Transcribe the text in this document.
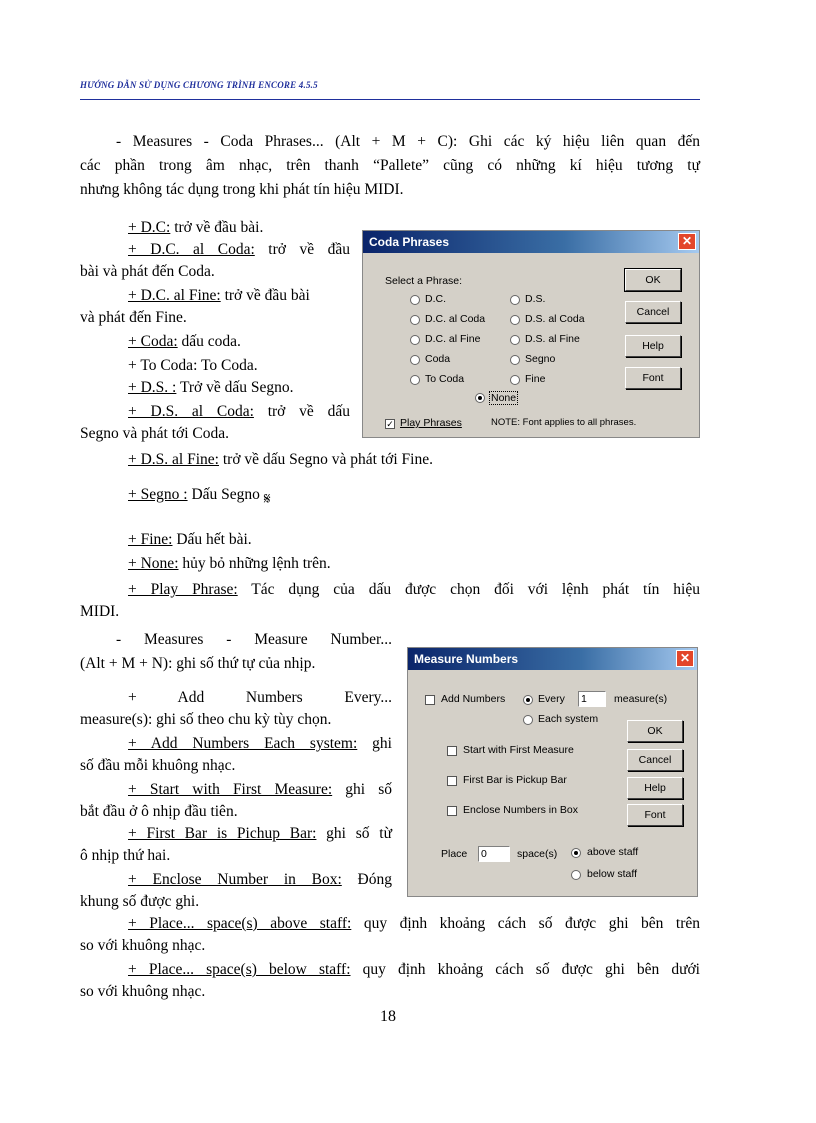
HƯỚNG DẪN SỬ DỤNG CHƯƠNG TRÌNH ENCORE 4.5.5
- Measures - Coda Phrases... (Alt + M + C): Ghi các ký hiệu liên quan đến
các phần trong âm nhạc, trên thanh “Pallete” cũng có những kí hiệu tương tự
nhưng không tác dụng trong khi phát tín hiệu MIDI.
+ D.C: trở về đầu bài.
+ D.C. al Coda: trở về đầu
bài và phát đến Coda.
+ D.C. al Fine: trở về đầu bài
và phát đến Fine.
+ Coda: dấu coda.
+ To Coda: To Coda.
+ D.S. : Trở về dấu Segno.
+ D.S. al Coda: trở về dấu
Segno và phát tới Coda.
+ D.S. al Fine: trở về dấu Segno và phát tới Fine.
+ Segno : Dấu Segno 𝄋
+ Fine: Dấu hết bài.
+ None: hủy bỏ những lệnh trên.
+ Play Phrase: Tác dụng của dấu được chọn đối với lệnh phát tín hiệu
MIDI.
Coda Phrases	✕
Select a Phrase:
D.C.
D.C. al Coda
D.C. al Fine
Coda
To Coda
D.S.
D.S. al Coda
D.S. al Fine
Segno
Fine
None
OK
Cancel
Help
Font
✓ Play Phrases	NOTE: Font applies to all phrases.
- Measures - Measure Number...
(Alt + M + N): ghi số thứ tự của nhịp.
+ Add Numbers Every...
measure(s): ghi số theo chu kỳ tùy chọn.
+ Add Numbers Each system: ghi
số đầu mỗi khuông nhạc.
+ Start with First Measure: ghi số
bắt đầu ở ô nhịp đầu tiên.
+ First Bar is Pichup Bar: ghi số từ
ô nhịp thứ hai.
+ Enclose Number in Box: Đóng
khung số được ghi.
+ Place... space(s) above staff: quy định khoảng cách số được ghi bên trên
so với khuông nhạc.
+ Place... space(s) below staff: quy định khoảng cách số được ghi bên dưới
so với khuông nhạc.
Measure Numbers	✕
Add Numbers	Every 1	measure(s)
Each system
Start with First Measure
First Bar is Pickup Bar
Enclose Numbers in Box
Place 0	space(s)	above staff
below staff
OK
Cancel
Help
Font
18
